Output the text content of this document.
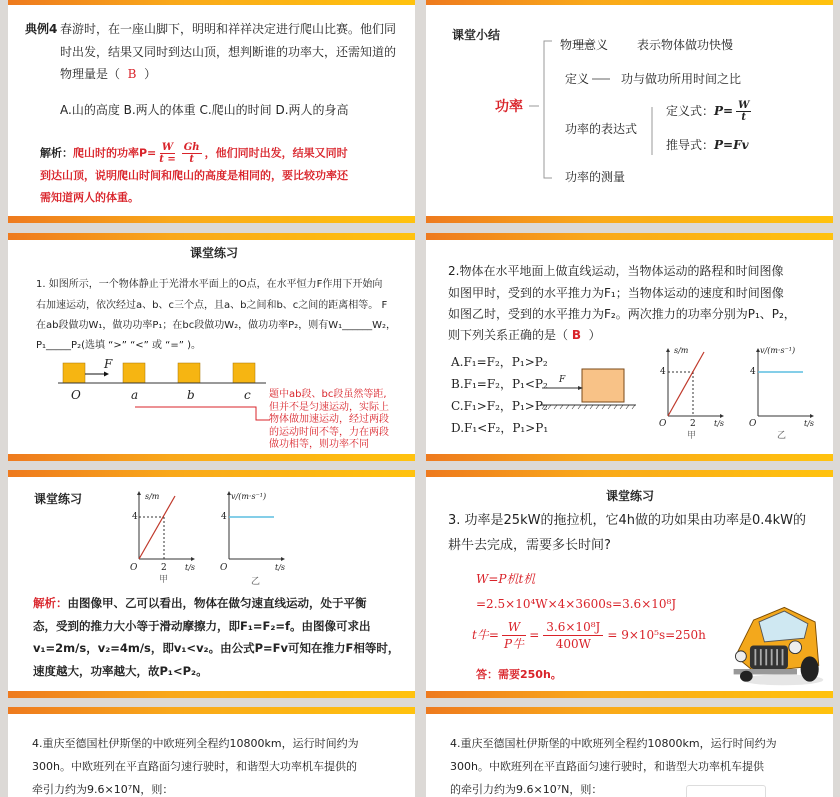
典例4 春游时，在一座山脚下，明明和祥祥决定进行爬山比赛。他们同
时出发，结果又同时到达山顶，想判断谁的功率大，还需知道的
物理量是（ B ）
A.山的高度 B.两人的体重 C.爬山的时间 D.两人的身高
解析：爬山时的功率$P= \frac{W}{t =} \frac{Gh}{t}$ ，他们同时出发，结果又同时
到达山顶，说明爬山时间和爬山的高度是相同的，要比较功率还
需知道两人的体重。
课堂小结
功率
物理意义 表示物体做功快慢
定义	功与做功所用时间之比
功率的表达式
定义式：$P= \frac{W}{t}$
推导式：P=Fv
功率的测量
课堂练习
1. 如图所示，一个物体静止于光滑水平面上的O点，在水平恒力F作用下开始向
右加速运动，依次经过a、b、c三个点，且a、b之间和b、c之间的距离相等。 F
在ab段做功W₁，做功功率P₁；在bc段做功W₂，做功功率P₂，则有W₁______W₂，
P₁_____P₂(选填 “>” “<” 或 “=” )。
F
O	a	b	c 题中ab段、bc段虽然等距,
但并不是匀速运动，实际上
物体做加速运动，经过两段
的运动时间不等，力在两段
做功相等，则功率不同
2.物体在水平地面上做直线运动，当物体运动的路程和时间图像
如图甲时，受到的水平推力为F₁；当物体运动的速度和时间图像
如图乙时，受到的水平推力为F₂。两次推力的功率分别为P₁、P₂，
则下列关系正确的是（ B ）
A.F₁=F₂，P₁>P₂
B.F₁=F₂，P₁<P₂
C.F₁>F₂，P₁>P₂
D.F₁<F₂，P₁>P₁
F
s/m
4
O	2 t/s
甲
v/(m·s⁻¹)
4
O	t/s
乙
课堂练习	s/m
4
O	2 t/s
甲
v/(m·s⁻¹)
4
O	t/s
乙
解析：由图像甲、乙可以看出，物体在做匀速直线运动，处于平衡
态，受到的推力大小等于滑动摩擦力，即F₁=F₂=f。由图像可求出
v₁=2m/s，v₂=4m/s，即v₁<v₂。由公式P=Fv可知在推力F相等时，
速度越大，功率越大，故P₁<P₂。
课堂练习
3. 功率是25kW的拖拉机，它4h做的功如果由功率是0.4kW的
耕牛去完成，需要多长时间?
W=P机t机
=2.5×10⁴W×4×3600s=3.6×10⁸J
t牛= $\frac{W}{\text{P牛}} = \frac{\text{3.6×10⁸J}}{400W} = 9\times 10^5s=250h$
答：需要250h。
4.重庆至德国杜伊斯堡的中欧班列全程约10800km，运行时间约为
300h。中欧班列在平直路面匀速行驶时，和谐型大功率机车提供的
牵引力约为9.6×10⁷N，则：
4.重庆至德国杜伊斯堡的中欧班列全程约10800km，运行时间约为
300h。中欧班列在平直路面匀速行驶时，和谐型大功率机车提供
的牵引力约为9.6×10⁷N，则：
